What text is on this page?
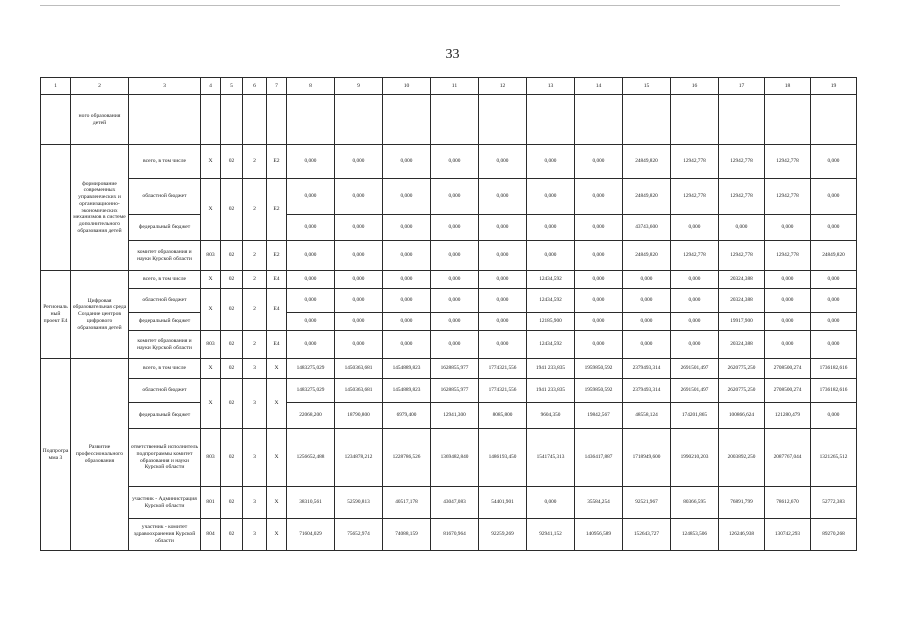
33
1	2	3	4	5	6	7	8	9	10	11	12	13	14	15	16	17	18	19
	ного образования детей																	
	формирование современных управленческих и организационно-экономических механизмов в системе дополнительного образования детей	всего, в том числе	X	02	2	Е2	0,000	0,000	0,000	0,000	0,000	0,000	0,000	24849,820	12942,778	12942,778	12942,778	0,000
		областной бюджет	X	02	2	Е2	0,000	0,000	0,000	0,000	0,000	0,000	0,000	24849,820	12942,778	12942,778	12942,778	0,000
		федеральный бюджет					0,000	0,000	0,000	0,000	0,000	0,000	0,000	43743,600	0,000	0,000	0,000	0,000
		комитет образования и науки Курской области	803	02	2	Е2	0,000	0,000	0,000	0,000	0,000	0,000	0,000	24849,820	12942,778	12942,778	12942,778	24849,820
Региональный проект Е4	Цифровая образовательная среда Создание центров цифрового образования детей	всего, в том числе	X	02	2	Е4	0,000	0,000	0,000	0,000	0,000	12434,592	0,000	0,000	0,000	20324,388	0,000	0,000
		областной бюджет	X	02	2	Е4	0,000	0,000	0,000	0,000	0,000	12434,592	0,000	0,000	0,000	20324,388	0,000	0,000
		федеральный бюджет					0,000	0,000	0,000	0,000	0,000	12185,900	0,000	0,000	0,000	19917,900	0,000	0,000
		комитет образования и науки Курской области	803	02	2	Е4	0,000	0,000	0,000	0,000	0,000	12434,592	0,000	0,000	0,000	20324,388	0,000	0,000
Подпрограмма 3	Развитие профессионального образования	всего, в том числе	X	02	3	X	1483275,029	1450363,681	1454889,823	1628855,977	1774321,556	1941 233,835	1959850,592	2379493,314	2691501,497	2620775,250	2708500,274	1736182,616
		областной бюджет	X	02	3	X	1483275,029	1450363,681	1454889,823	1628855,977	1774321,556	1941 233,835	1959850,592	2379493,314	2691501,497	2620775,250	2708500,274	1736182,616
		федеральный бюджет					22068,200	18790,800	6979,400	12941,300	8085,800	9604,350	19842,567	48558,124	174201,865	100866,624	121280,479	0,000
		ответственный исполнитель подпрограммы комитет образования и науки Курской области	803	02	3	X	1256652,488	1234878,212	1228786,526	1369482,840	1486193,450	1541745,313	1436417,887	1718949,600	1990210,203	2003892,250	2087767,044	1321265,512
		участник - Администрация Курской области	801	02	3	X	38310,561	52590,813	40517,178	43047,083	54401,901	0,000	35584,254	92521,967	80366,595	76891,799	78612,670	52772,383
		участник - комитет здравоохранения Курской области	804	02	3	X	71604,029	75652,974	74088,159	81670,964	92259,269	92941,152	140956,589	152643,727	124853,506	126246,938	130742,293	89270,268
